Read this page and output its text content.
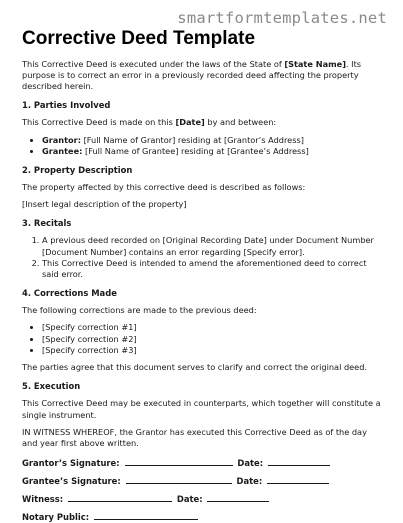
smartformtemplates.net
Corrective Deed Template

This Corrective Deed is executed under the laws of the State of [State Name]. Its purpose is to correct an error in a previously recorded deed affecting the property described herein.

1. Parties Involved

This Corrective Deed is made on this [Date] by and between:

• Grantor: [Full Name of Grantor] residing at [Grantor’s Address]
• Grantee: [Full Name of Grantee] residing at [Grantee’s Address]

2. Property Description

The property affected by this corrective deed is described as follows:

[Insert legal description of the property]

3. Recitals

1. A previous deed recorded on [Original Recording Date] under Document Number [Document Number] contains an error regarding [Specify error].
2. This Corrective Deed is intended to amend the aforementioned deed to correct said error.

4. Corrections Made

The following corrections are made to the previous deed:

• [Specify correction #1]
• [Specify correction #2]
• [Specify correction #3]

The parties agree that this document serves to clarify and correct the original deed.

5. Execution

This Corrective Deed may be executed in counterparts, which together will constitute a single instrument.

IN WITNESS WHEREOF, the Grantor has executed this Corrective Deed as of the day and year first above written.

Grantor’s Signature:	Date:
Grantee’s Signature:	Date:
Witness:	Date:
Notary Public:
